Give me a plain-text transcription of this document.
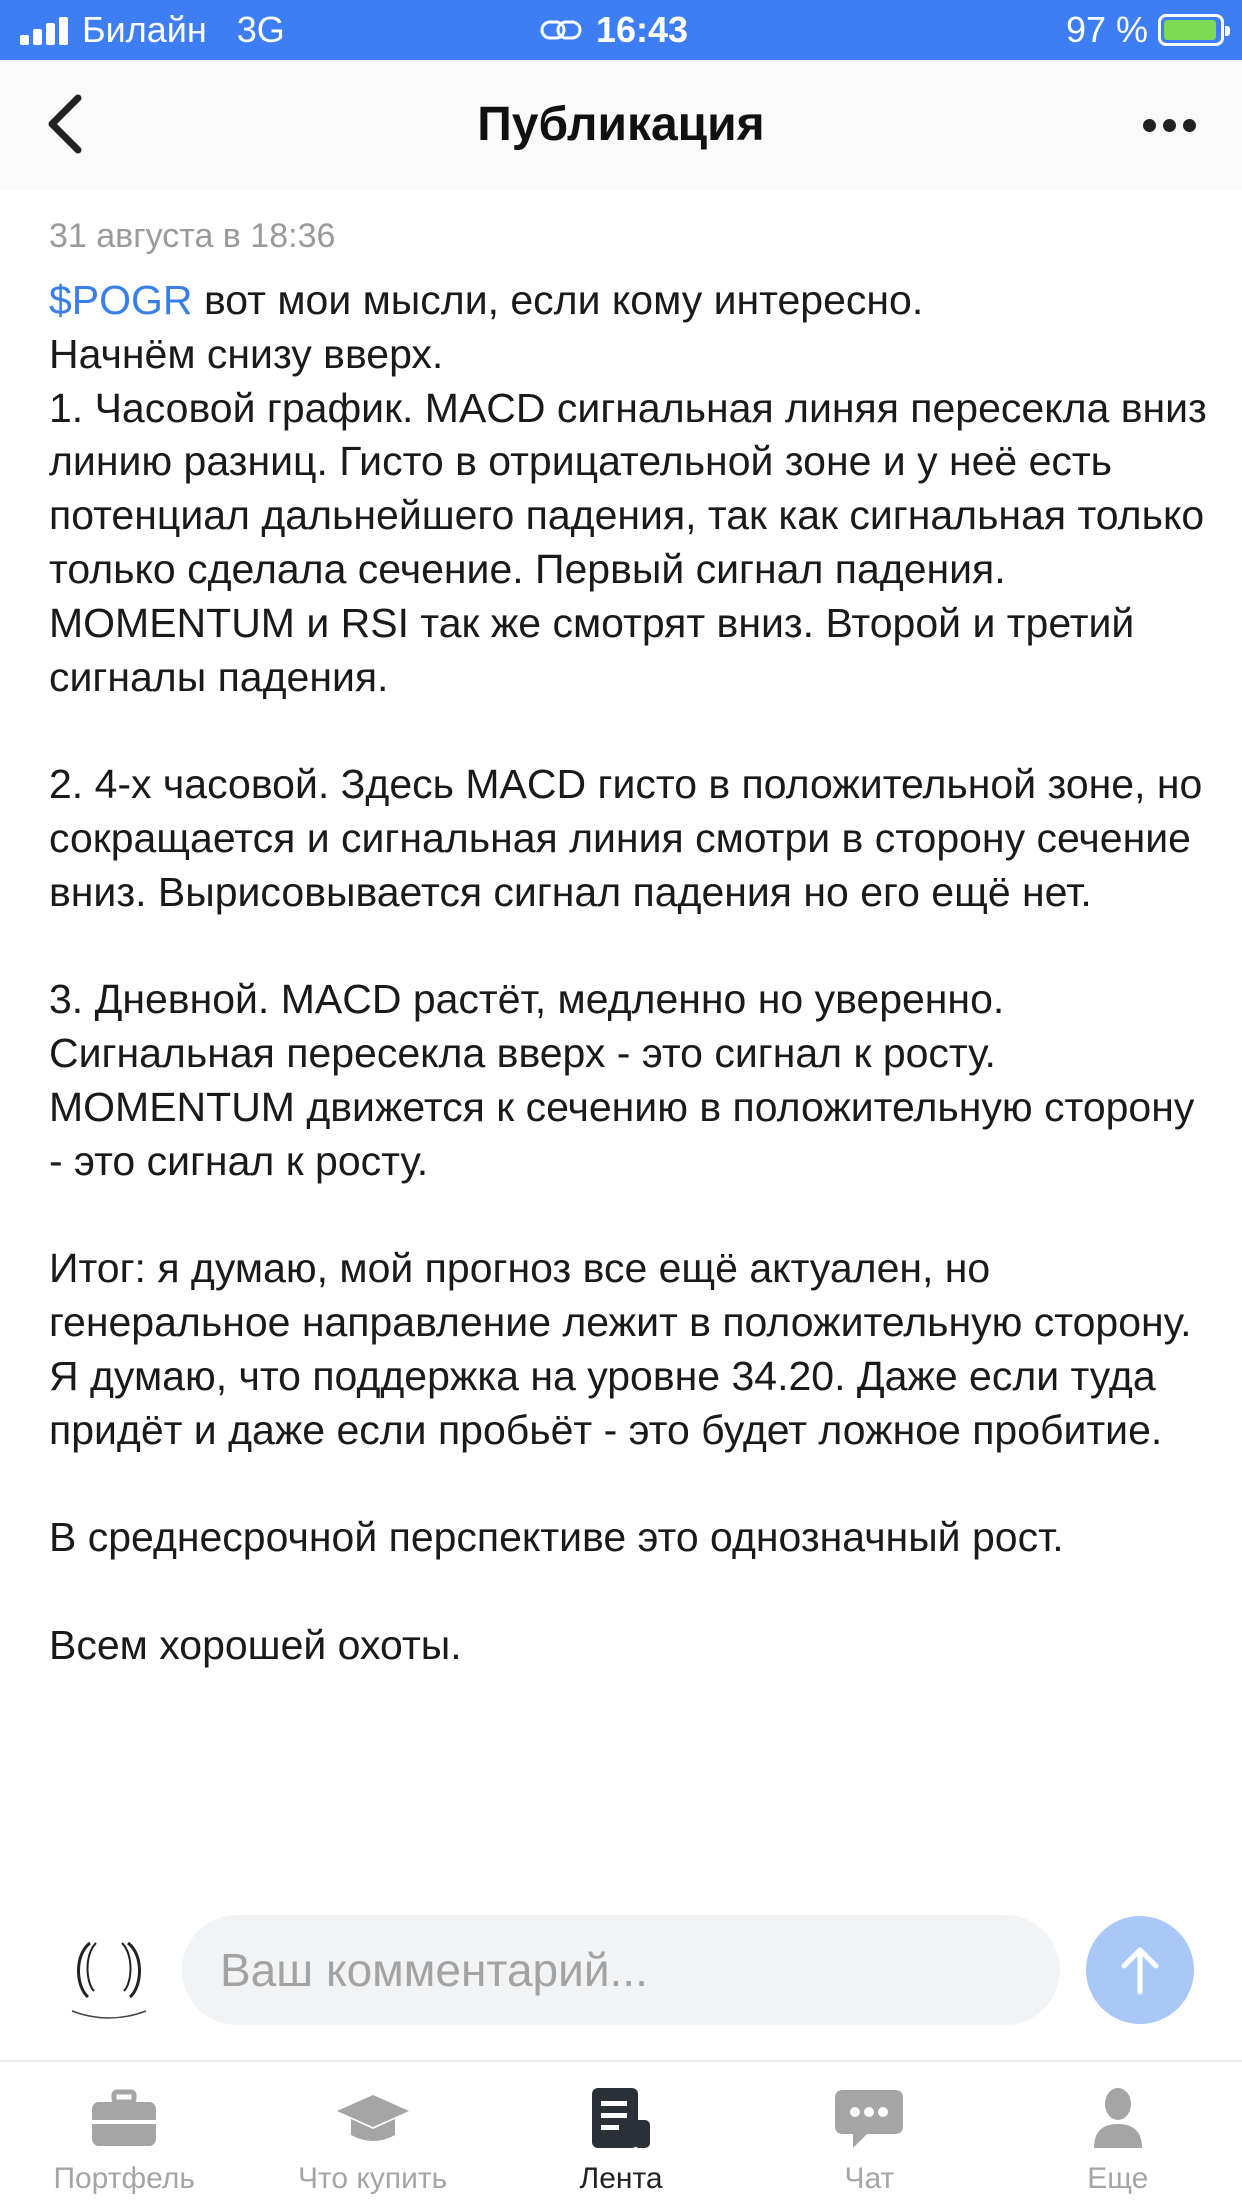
Билайн 3G	16:43	97 %
Публикация
31 августа в 18:36

$POGR вот мои мысли, если кому интересно.

Начнём снизу вверх.

1. Часовой график. MACD сигнальная линяя пересекла вниз линию разниц. Гисто в отрицательной зоне и у неё есть потенциал дальнейшего падения, так как сигнальная только только сделала сечение. Первый сигнал падения. MOMENTUM и RSI так же смотрят вниз. Второй и третий сигналы падения.

2. 4-х часовой. Здесь MACD гисто в положительной зоне, но сокращается и сигнальная линия смотри в сторону сечение вниз. Вырисовывается сигнал падения но его ещё нет.

3. Дневной. MACD растёт, медленно но уверенно. Сигнальная пересекла вверх - это сигнал к росту. MOMENTUM движется к сечению в положительную сторону - это сигнал к росту.

Итог: я думаю, мой прогноз все ещё актуален, но генеральное направление лежит в положительную сторону. Я думаю, что поддержка на уровне 34.20. Даже если туда придёт и даже если пробьёт - это будет ложное пробитие.

В среднесрочной перспективе это однозначный рост.

Всем хорошей охоты.

Ваш комментарий...
Портфель	Что купить	Лента	Чат	Еще
